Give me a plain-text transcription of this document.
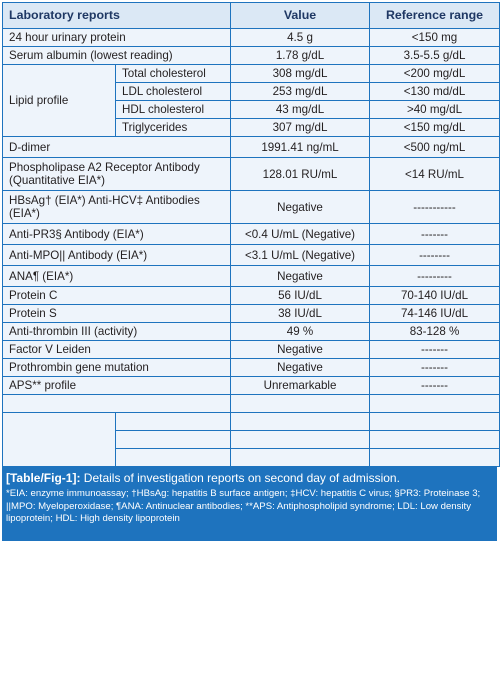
Laboratory reports		Value	Reference range
24 hour urinary protein		4.5 g	<150 mg
Serum albumin (lowest reading)		1.78 g/dL	3.5-5.5 g/dL
Lipid profile	Total cholesterol	308 mg/dL	<200 mg/dL
	LDL cholesterol	253 mg/dL	<130 md/dL
	HDL cholesterol	43 mg/dL	>40 mg/dL
	Triglycerides	307 mg/dL	<150 mg/dL
D-dimer		1991.41 ng/mL	<500 ng/mL
Phospholipase A2 Receptor Antibody (Quantitative EIA*)		128.01 RU/mL	<14 RU/mL
HBsAg† (EIA*) Anti-HCV‡ Antibodies (EIA*)		Negative	-----------
Anti-PR3§ Antibody (EIA*)		<0.4 U/mL (Negative)	-------
Anti-MPO|| Antibody (EIA*)		<3.1 U/mL (Negative)	--------
ANA¶ (EIA*)		Negative	---------
Protein C		56 IU/dL	70-140 IU/dL
Protein S		38 IU/dL	74-146 IU/dL
Anti-thrombin III (activity)		49 %	83-128 %
Factor V Leiden		Negative	-------
Prothrombin gene mutation		Negative	-------
APS** profile		Unremarkable	-------

[Table/Fig-1]: Details of investigation reports on second day of admission.
*EIA: enzyme immunoassay; †HBsAg: hepatitis B surface antigen; ‡HCV: hepatitis C virus; §PR3: Proteinase 3; ||MPO: Myeloperoxidase; ¶ANA: Antinuclear antibodies; **APS: Antiphospholipid syndrome; LDL: Low density lipoprotein; HDL: High density lipoprotein
